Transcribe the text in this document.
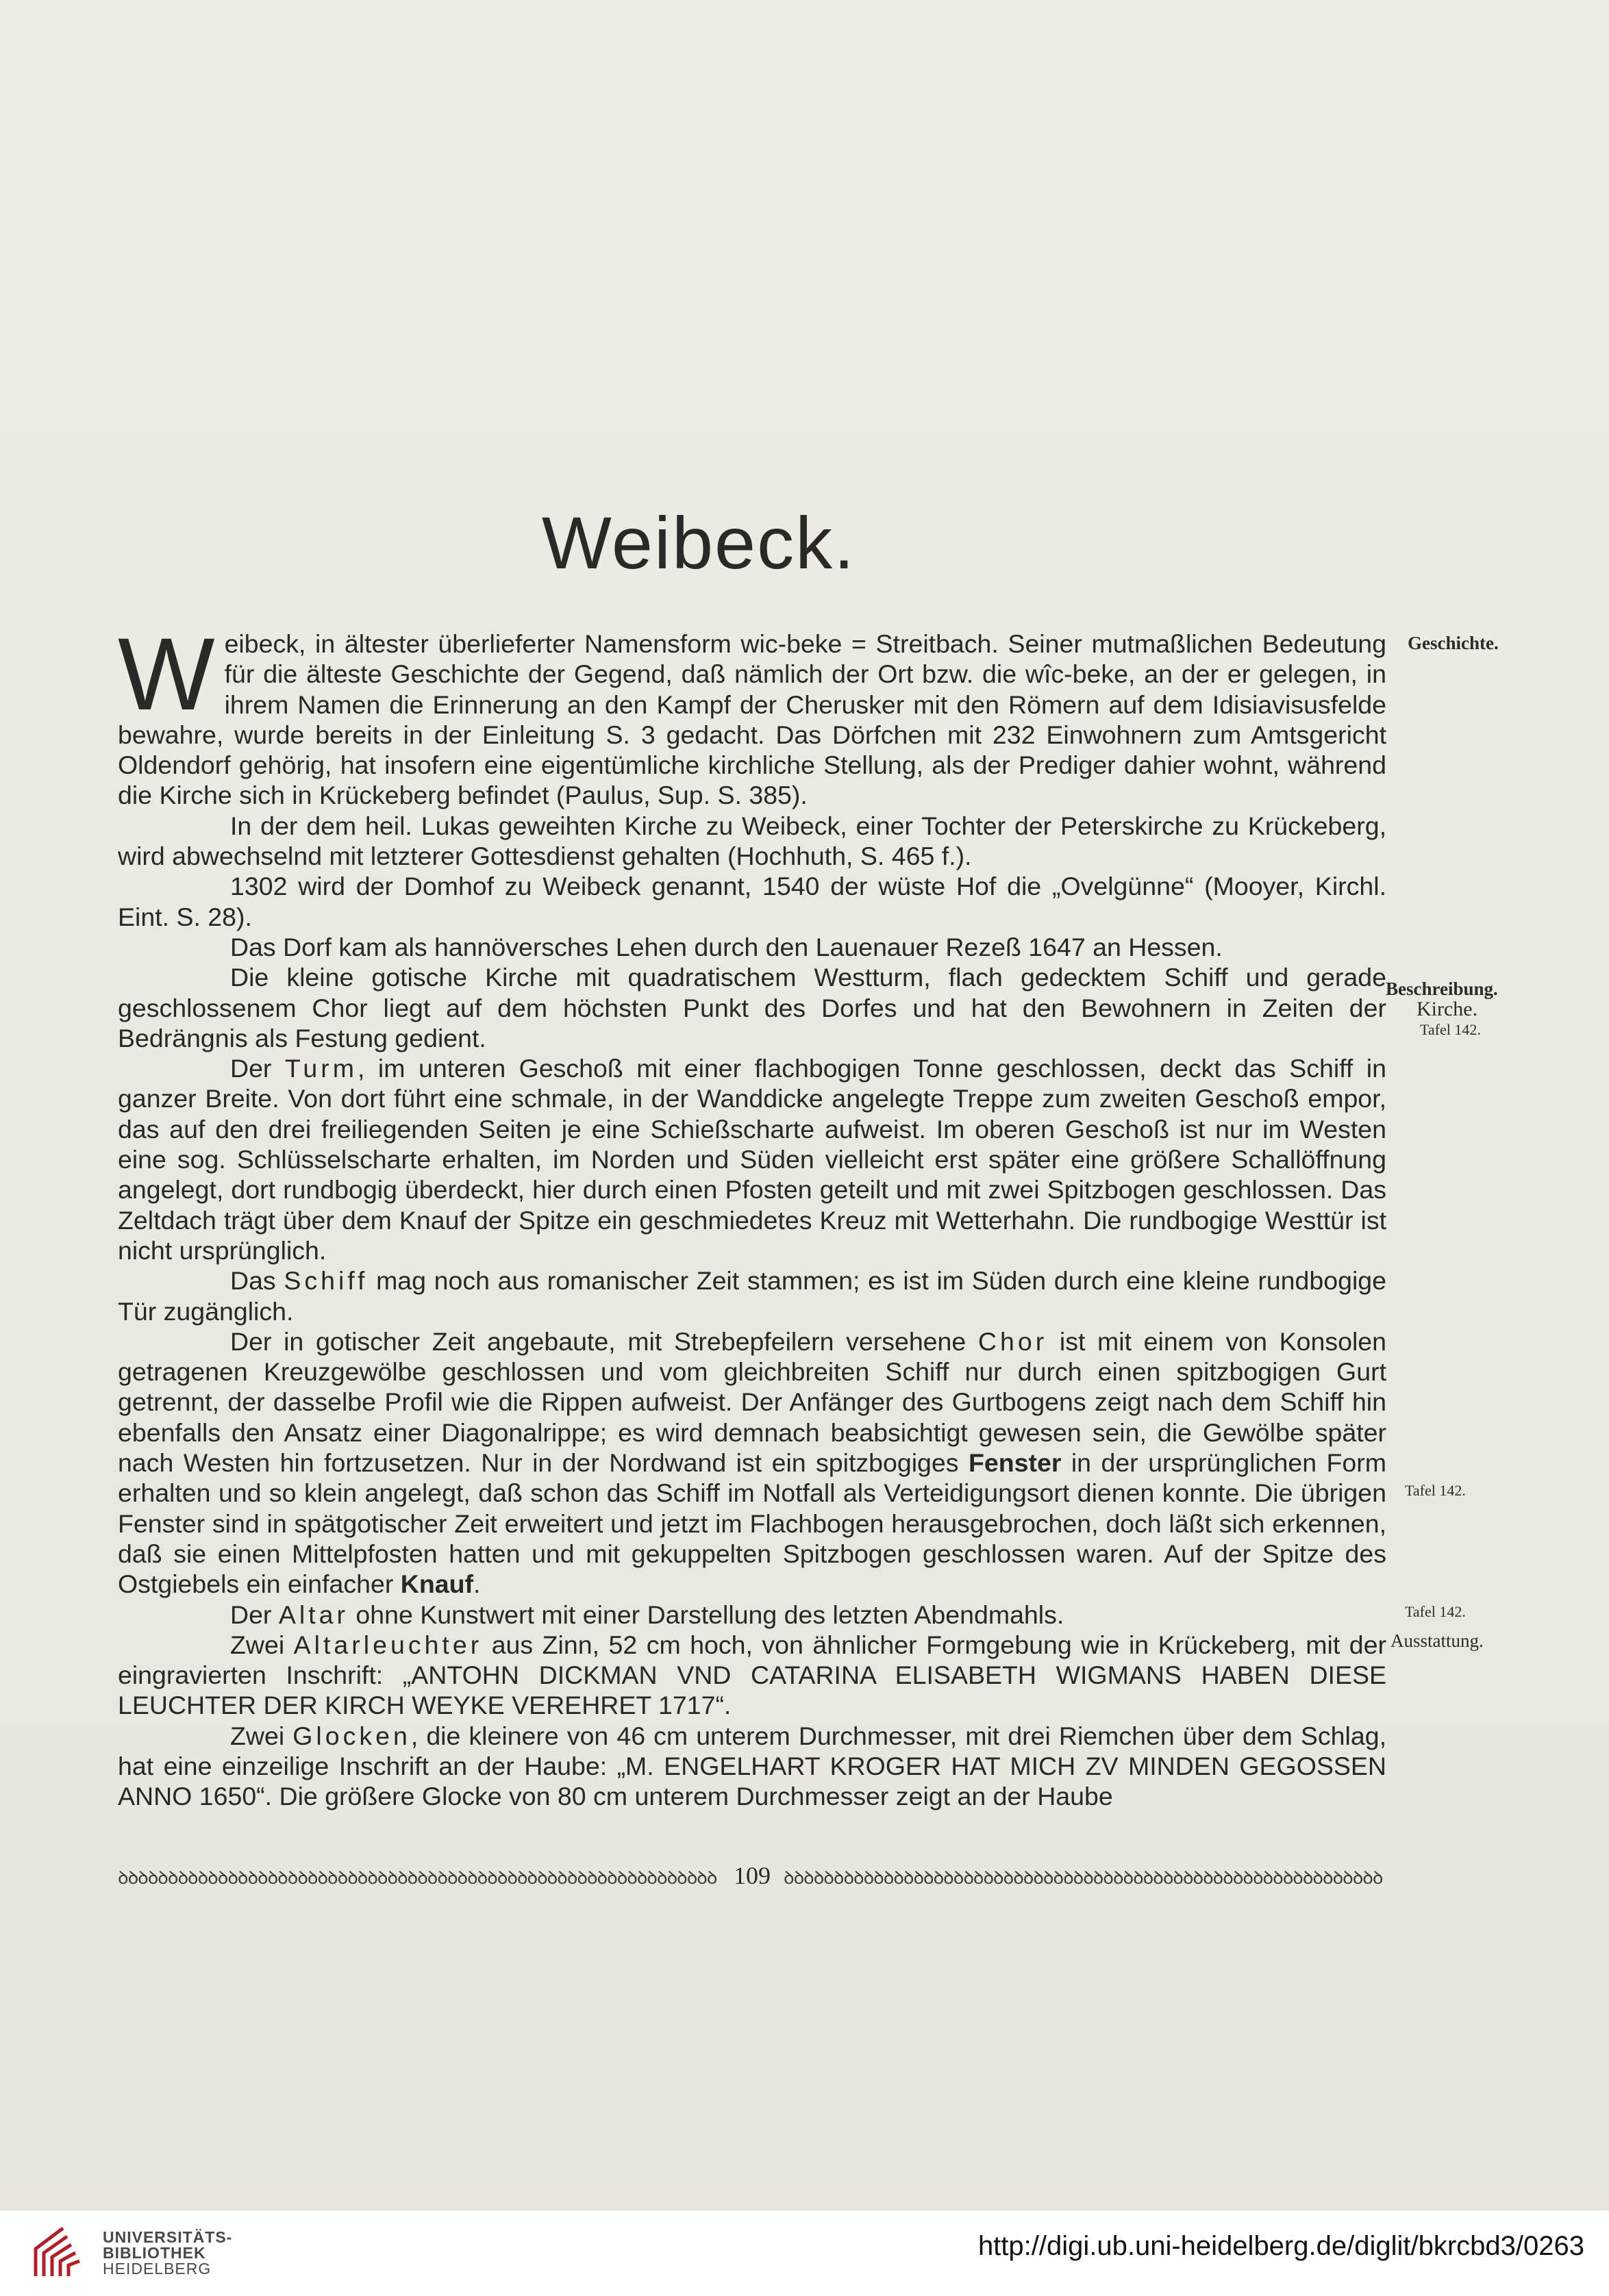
Weibeck.

Weibeck, in ältester überlieferter Namensform wic-beke = Streitbach. Seiner mutmaßlichen Bedeutung für die älteste Geschichte der Gegend, daß nämlich der Ort bzw. die wîc-beke, an der er gelegen, in ihrem Namen die Erinnerung an den Kampf der Cherusker mit den Römern auf dem Idisiavisusfelde bewahre, wurde bereits in der Einleitung S. 3 gedacht. Das Dörfchen mit 232 Einwohnern zum Amtsgericht Oldendorf gehörig, hat insofern eine eigentümliche kirchliche Stellung, als der Prediger dahier wohnt, während die Kirche sich in Krückeberg befindet (Paulus, Sup. S. 385).

In der dem heil. Lukas geweihten Kirche zu Weibeck, einer Tochter der Peterskirche zu Krückeberg, wird abwechselnd mit letzterer Gottesdienst gehalten (Hochhuth, S. 465 f.).

1302 wird der Domhof zu Weibeck genannt, 1540 der wüste Hof die „Ovelgünne“ (Mooyer, Kirchl. Eint. S. 28).

Das Dorf kam als hannöversches Lehen durch den Lauenauer Rezeß 1647 an Hessen.

Die kleine gotische Kirche mit quadratischem Westturm, flach gedecktem Schiff und gerade geschlossenem Chor liegt auf dem höchsten Punkt des Dorfes und hat den Bewohnern in Zeiten der Bedrängnis als Festung gedient.

Der Turm, im unteren Geschoß mit einer flachbogigen Tonne geschlossen, deckt das Schiff in ganzer Breite. Von dort führt eine schmale, in der Wanddicke angelegte Treppe zum zweiten Geschoß empor, das auf den drei freiliegenden Seiten je eine Schießscharte aufweist. Im oberen Geschoß ist nur im Westen eine sog. Schlüsselscharte erhalten, im Norden und Süden vielleicht erst später eine größere Schallöffnung angelegt, dort rundbogig überdeckt, hier durch einen Pfosten geteilt und mit zwei Spitzbogen geschlossen. Das Zeltdach trägt über dem Knauf der Spitze ein geschmiedetes Kreuz mit Wetterhahn. Die rundbogige Westtür ist nicht ursprünglich.

Das Schiff mag noch aus romanischer Zeit stammen; es ist im Süden durch eine kleine rundbogige Tür zugänglich.

Der in gotischer Zeit angebaute, mit Strebepfeilern versehene Chor ist mit einem von Konsolen getragenen Kreuzgewölbe geschlossen und vom gleichbreiten Schiff nur durch einen spitzbogigen Gurt getrennt, der dasselbe Profil wie die Rippen aufweist. Der Anfänger des Gurtbogens zeigt nach dem Schiff hin ebenfalls den Ansatz einer Diagonalrippe; es wird demnach beabsichtigt gewesen sein, die Gewölbe später nach Westen hin fortzusetzen. Nur in der Nordwand ist ein spitzbogiges Fenster in der ursprünglichen Form erhalten und so klein angelegt, daß schon das Schiff im Notfall als Verteidigungsort dienen konnte. Die übrigen Fenster sind in spätgotischer Zeit erweitert und jetzt im Flachbogen herausgebrochen, doch läßt sich erkennen, daß sie einen Mittelpfosten hatten und mit gekuppelten Spitzbogen geschlossen waren. Auf der Spitze des Ostgiebels ein einfacher Knauf.

Der Altar ohne Kunstwert mit einer Darstellung des letzten Abendmahls.

Zwei Altarleuchter aus Zinn, 52 cm hoch, von ähnlicher Formgebung wie in Krückeberg, mit der eingravierten Inschrift: „ANTOHN DICKMAN VND CATARINA ELISABETH WIGMANS HABEN DIESE LEUCHTER DER KIRCH WEYKE VEREHRET 1717“.

Zwei Glocken, die kleinere von 46 cm unterem Durchmesser, mit drei Riemchen über dem Schlag, hat eine einzeilige Inschrift an der Haube: „M. ENGELHART KROGER HAT MICH ZV MINDEN GEGOSSEN ANNO 1650“. Die größere Glocke von 80 cm unterem Durchmesser zeigt an der Haube

Geschichte.
Beschreibung.
Kirche.
Tafel 142.
Tafel 142.
Tafel 142.
Ausstattung.
ꝺꝺꝺꝺꝺꝺꝺꝺꝺꝺꝺꝺꝺꝺꝺꝺꝺꝺꝺꝺꝺꝺꝺꝺꝺꝺꝺꝺꝺꝺꝺꝺꝺꝺꝺꝺꝺꝺꝺꝺꝺꝺꝺꝺꝺꝺꝺꝺꝺꝺꝺꝺꝺꝺꝺꝺꝺꝺꝺꝺ 109 ꝺꝺꝺꝺꝺꝺꝺꝺꝺꝺꝺꝺꝺꝺꝺꝺꝺꝺꝺꝺꝺꝺꝺꝺꝺꝺꝺꝺꝺꝺꝺꝺꝺꝺꝺꝺꝺꝺꝺꝺꝺꝺꝺꝺꝺꝺꝺꝺꝺꝺꝺꝺꝺꝺꝺꝺꝺꝺꝺꝺ
UNIVERSITÄTS-
BIBLIOTHEK
HEIDELBERG
http://digi.ub.uni-heidelberg.de/diglit/bkrcbd3/0263
